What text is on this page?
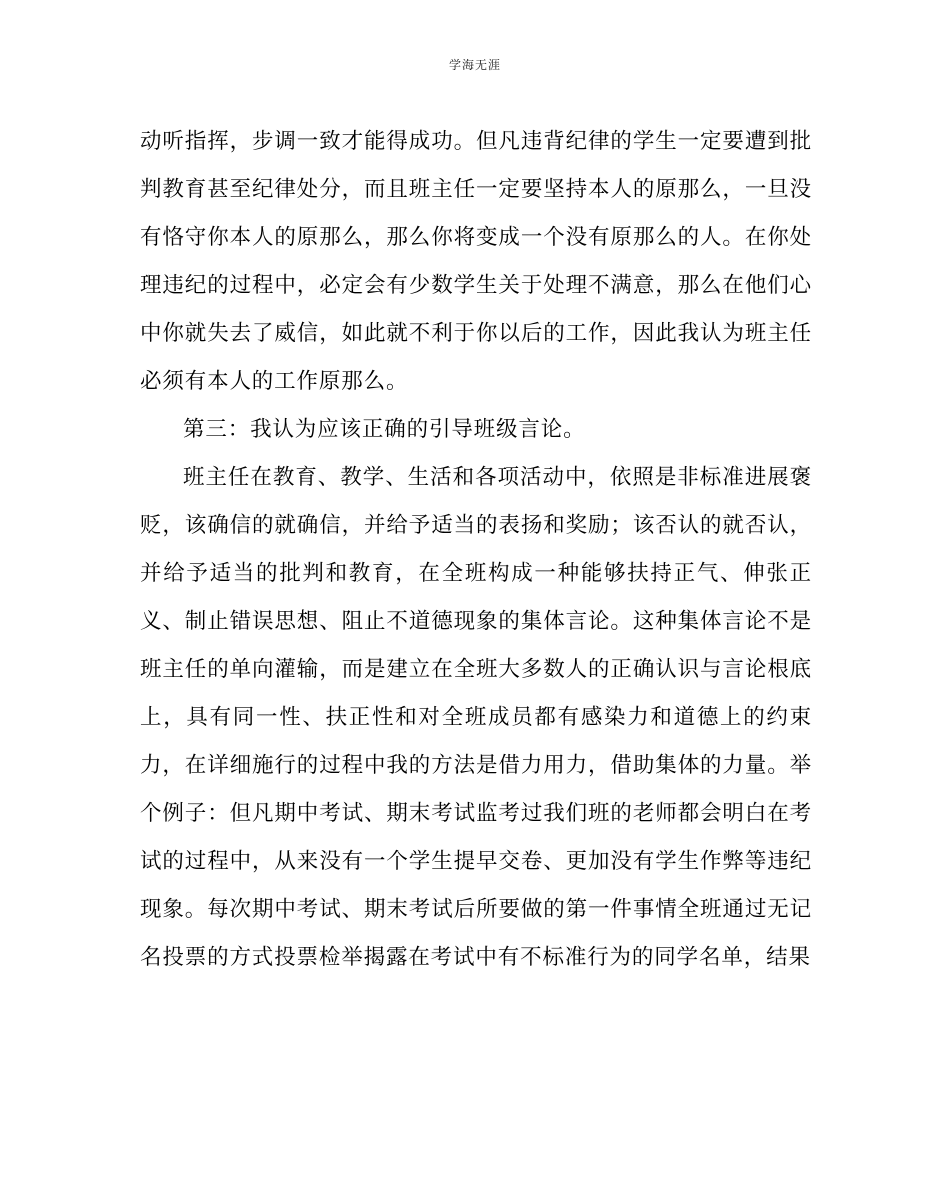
学海无涯

动听指挥，步调一致才能得成功。但凡违背纪律的学生一定要遭到批判教育甚至纪律处分，而且班主任一定要坚持本人的原那么，一旦没有恪守你本人的原那么，那么你将变成一个没有原那么的人。在你处理违纪的过程中，必定会有少数学生关于处理不满意，那么在他们心中你就失去了威信，如此就不利于你以后的工作，因此我认为班主任必须有本人的工作原那么。

第三：我认为应该正确的引导班级言论。

班主任在教育、教学、生活和各项活动中，依照是非标准进展褒贬，该确信的就确信，并给予适当的表扬和奖励；该否认的就否认，并给予适当的批判和教育，在全班构成一种能够扶持正气、伸张正义、制止错误思想、阻止不道德现象的集体言论。这种集体言论不是班主任的单向灌输，而是建立在全班大多数人的正确认识与言论根底上，具有同一性、扶正性和对全班成员都有感染力和道德上的约束力，在详细施行的过程中我的方法是借力用力，借助集体的力量。举个例子：但凡期中考试、期末考试监考过我们班的老师都会明白在考试的过程中，从来没有一个学生提早交卷、更加没有学生作弊等违纪现象。每次期中考试、期末考试后所要做的第一件事情全班通过无记名投票的方式投票检举揭露在考试中有不标准行为的同学名单，结果
